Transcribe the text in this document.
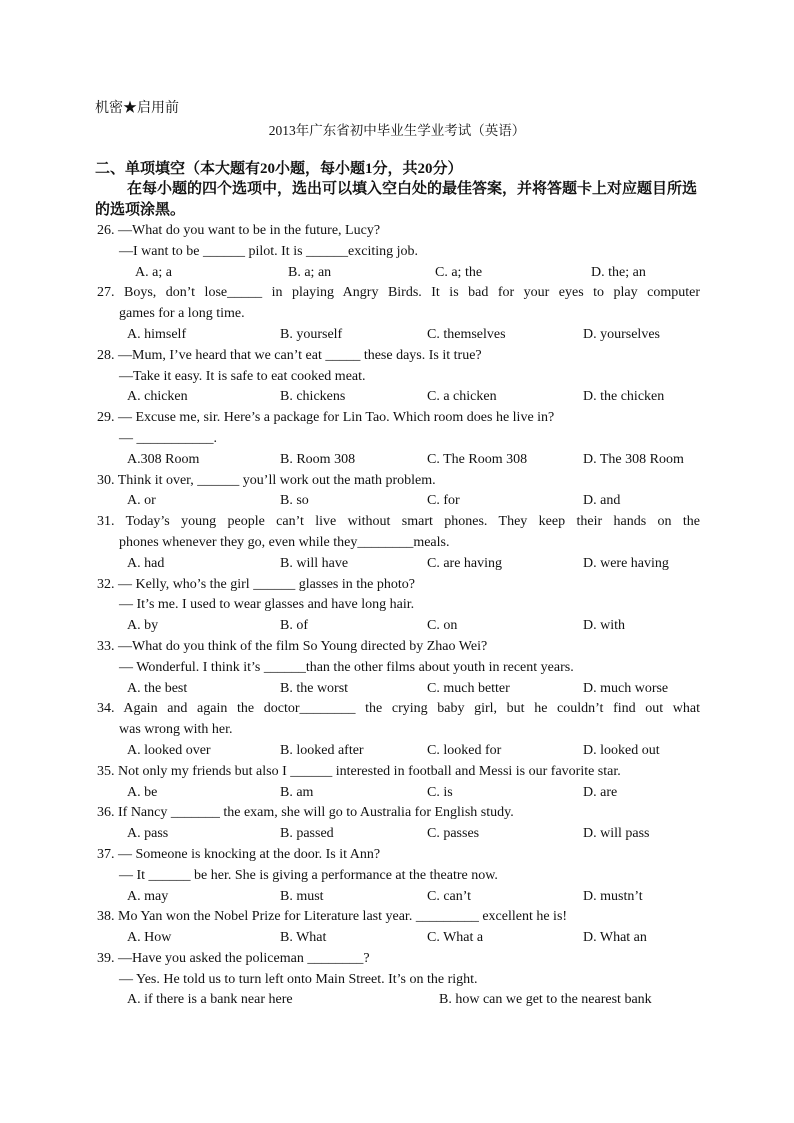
机密★启用前
2013年广东省初中毕业生学业考试（英语）
二、单项填空（本大题有20小题，每小题1分，共20分）
在每小题的四个选项中，选出可以填入空白处的最佳答案，并将答题卡上对应题目所选的选项涂黑。
26. —What do you want to be in the future, Lucy?
—I want to be ______ pilot. It is ______exciting job.
A. a; a	B. a; an	C. a; the	D. the; an
27. Boys, don’t lose_____ in playing Angry Birds. It is bad for your eyes to play computer
games for a long time.
A. himself	B. yourself	C. themselves	D. yourselves
28. —Mum, I’ve heard that we can’t eat _____ these days. Is it true?
—Take it easy. It is safe to eat cooked meat.
A. chicken	B. chickens	C. a chicken	D. the chicken
29. — Excuse me, sir. Here’s a package for Lin Tao. Which room does he live in?
— ___________.
A.308 Room	B. Room 308	C. The Room 308	D. The 308 Room
30. Think it over, ______ you’ll work out the math problem.
A. or	B. so	C. for	D. and
31. Today’s young people can’t live without smart phones. They keep their hands on the
phones whenever they go, even while they________meals.
A. had	B. will have	C. are having	D. were having
32. — Kelly, who’s the girl ______ glasses in the photo?
— It’s me. I used to wear glasses and have long hair.
A. by	B. of	C. on	D. with
33. —What do you think of the film So Young directed by Zhao Wei?
— Wonderful. I think it’s ______than the other films about youth in recent years.
A. the best	B. the worst	C. much better	D. much worse
34. Again and again the doctor________ the crying baby girl, but he couldn’t find out what
was wrong with her.
A. looked over	B. looked after	C. looked for	D. looked out
35. Not only my friends but also I ______ interested in football and Messi is our favorite star.
A. be	B. am	C. is	D. are
36. If Nancy _______ the exam, she will go to Australia for English study.
A. pass	B. passed	C. passes	D. will pass
37. — Someone is knocking at the door. Is it Ann?
— It ______ be her. She is giving a performance at the theatre now.
A. may	B. must	C. can’t	D. mustn’t
38. Mo Yan won the Nobel Prize for Literature last year. _________ excellent he is!
A. How	B. What	C. What a	D. What an
39. —Have you asked the policeman ________?
— Yes. He told us to turn left onto Main Street. It’s on the right.
A. if there is a bank near here	B. how can we get to the nearest bank
